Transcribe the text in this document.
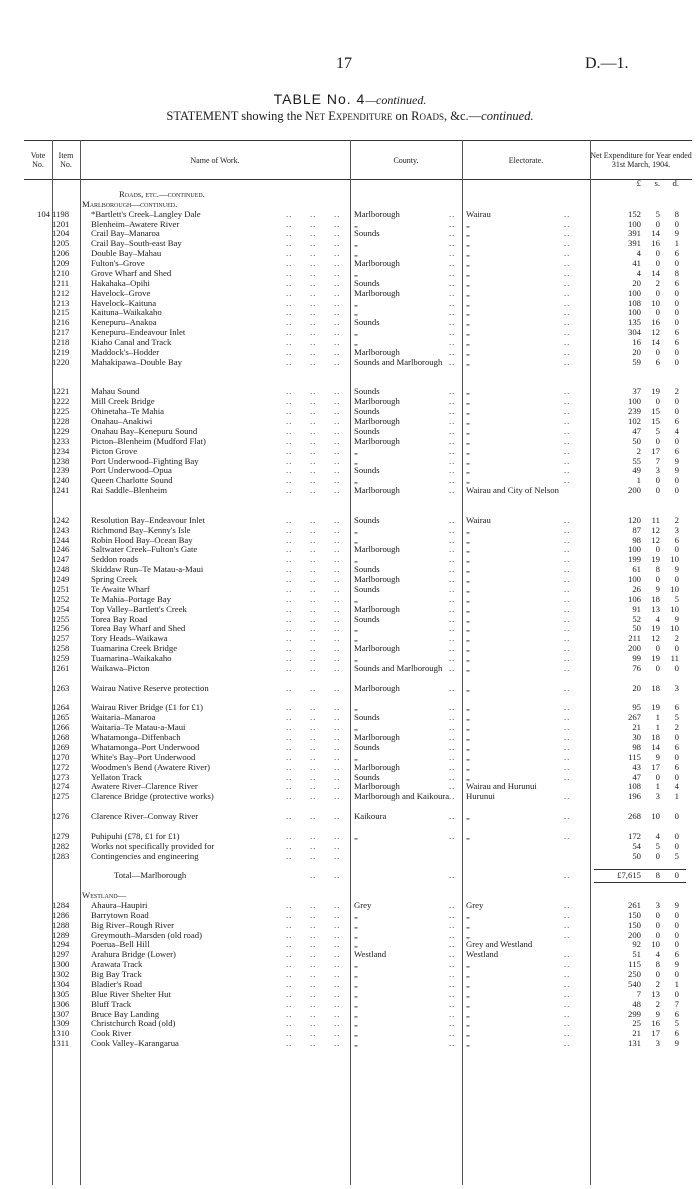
17	D.—1.
TABLE No. 4—continued.
STATEMENT showing the Net Expenditure on Roads, &c.—continued.
Vote No.
Item No.	Name of Work.	County.	Electorate.	Net Expenditure for Year ended 31st March, 1904.
£	s.	d.
Roads, etc.—continued.
Marlborough—continued.
104 1198	*Bartlett's Creek–Langley Dale	.. .. .. Marlborough	.. Wairau	..	152	5	8
1201	Blenheim–Awatere River	.. .. .. „	.. „	..	100	0	0
1204	Crail Bay–Manaroa	.. .. .. Sounds	.. „	..	391	14	9
1205	Crail Bay–South-east Bay	.. .. .. „	.. „	..	391	16	1
1206	Double Bay–Mahau	.. .. .. „	.. „	..	4	0	6
1209	Fulton's–Grove	.. .. .. Marlborough	.. „	..	41	0	0
1210	Grove Wharf and Shed	.. .. .. „	.. „	..	4	14	8
1211	Hakahaka–Opihi	.. .. .. Sounds	.. „	..	20	2	6
1212	Havelock–Grove	.. .. .. Marlborough	.. „	..	100	0	0
1213	Havelock–Kaituna	.. .. .. „	.. „	..	108	10	0
1215	Kaituna–Waikakaho	.. .. .. „	.. „	..	100	0	0
1216	Kenepuru–Anakoa	.. .. .. Sounds	.. „	..	135	16	0
1217	Kenepuru–Endeavour Inlet	.. .. .. „	.. „	..	304	12	6
1218	Kiaho Canal and Track	.. .. .. „	.. „	..	16	14	6
1219	Maddock's–Hodder	.. .. .. Marlborough	.. „	..	20	0	0
1220	Mahakipawa–Double Bay	.. .. .. Sounds and Marlborough .. „	..	59	6	0
1221	Mahau Sound	.. .. .. Sounds	.. „	..	37	19	2
1222	Mill Creek Bridge	.. .. .. Marlborough	.. „	..	100	0	0
1225	Ohinetaha–Te Mahia	.. .. .. Sounds	.. „	..	239	15	0
1228	Onahau–Anakiwi	.. .. .. Marlborough	.. „	..	102	15	6
1229	Onahau Bay–Kenepuru Sound	.. .. .. Sounds	.. „	..	47	5	4
1233	Picton–Blenheim (Mudford Flat)	.. .. .. Marlborough	.. „	..	50	0	0
1234	Picton Grove	.. .. .. „	.. „	..	2	17	6
1238	Port Underwood–Fighting Bay	.. .. .. „	.. „	..	55	7	9
1239	Port Underwood–Opua	.. .. .. Sounds	.. „	..	49	3	9
1240	Queen Charlotte Sound	.. .. .. „	.. „	..	1	0	0
1241	Rai Saddle–Blenheim	.. .. .. Marlborough	.. Wairau and City of Nelson	200	0	0
1242	Resolution Bay–Endeavour Inlet	.. .. .. Sounds	.. Wairau	..	120	11	2
1243	Richmond Bay–Kenny's Isle	.. .. .. „	.. „	..	87	12	3
1244	Robin Hood Bay–Ocean Bay	.. .. .. „	.. „	..	98	12	6
1246	Saltwater Creek–Fulton's Gate	.. .. .. Marlborough	.. „	..	100	0	0
1247	Seddon roads	.. .. .. „	.. „	..	199	19	10
1248	Skiddaw Run–Te Matau-a-Maui	.. .. .. Sounds	.. „	..	61	8	9
1249	Spring Creek	.. .. .. Marlborough	.. „	..	100	0	0
1251	Te Awaite Wharf	.. .. .. Sounds	.. „	..	26	9	10
1252	Te Mahia–Portage Bay	.. .. .. „	.. „	..	106	18	5
1254	Top Valley–Bartlett's Creek	.. .. .. Marlborough	.. „	..	91	13	10
1255	Torea Bay Road	.. .. .. Sounds	.. „	..	52	4	9
1256	Torea Bay Wharf and Shed	.. .. .. „	.. „	..	50	19	10
1257	Tory Heads–Waikawa	.. .. .. „	.. „	..	211	12	2
1258	Tuamarina Creek Bridge	.. .. .. Marlborough	.. „	..	200	0	0
1259	Tuamarina–Waikakaho	.. .. .. „	.. „	..	99	19	11
1261	Waikawa–Picton	.. .. .. Sounds and Marlborough .. „	..	76	0	0
1263	Wairau Native Reserve protection	.. .. .. Marlborough	.. „	..	20	18	3
1264	Wairau River Bridge (£1 for £1)	.. .. .. „	.. „	..	95	19	6
1265	Waitaria–Manaroa	.. .. .. Sounds	.. „	..	267	1	5
1266	Waitaria–Te Matau-a-Maui	.. .. .. „	.. „	..	21	1	2
1268	Whatamonga–Diffenbach	.. .. .. Marlborough	.. „	..	30	18	0
1269	Whatamonga–Port Underwood	.. .. .. Sounds	.. „	..	98	14	6
1270	White's Bay–Port Underwood	.. .. .. „	.. „	..	115	9	0
1272	Woodmen's Bend (Awatere River)	.. .. .. Marlborough	.. „	..	43	17	6
1273	Yellaton Track	.. .. .. Sounds	.. „	..	47	0	0
1274	Awatere River–Clarence River	.. .. .. Marlborough	.. Wairau and Hurunui	108	1	4
1275	Clarence Bridge (protective works)	.. .. .. Marlborough and Kaikoura .. Hurunui	..	196	3	1
1276	Clarence River–Conway River	.. .. .. Kaikoura	.. „	..	268	10	0
1279	Puhipuhi (£78, £1 for £1)	.. .. .. „	.. „	..	172	4	0
1282	Works not specifically provided for	.. .. ..	54	5	0
1283	Contingencies and engineering	.. .. ..	50	0	5
Total—Marlborough	.. ..	..	..	£7,615	8	0
Westland—
1284	Ahaura–Haupiri	.. .. .. Grey	.. Grey	..	261	3	9
1286	Barrytown Road	.. .. .. „	.. „	..	150	0	0
1288	Big River–Rough River	.. .. .. „	.. „	..	150	0	0
1289	Greymouth–Marsden (old road)	.. .. .. „	.. „	..	200	0	0
1294	Poerua–Bell Hill	.. .. .. „	.. Grey and Westland	92	10	0
1297	Arahura Bridge (Lower)	.. .. .. Westland	.. Westland	..	51	4	6
1300	Arawata Track	.. .. .. „	.. „	..	115	8	9
1302	Big Bay Track	.. .. .. „	.. „	..	250	0	0
1304	Bladier's Road	.. .. .. „	.. „	..	540	2	1
1305	Blue River Shelter Hut	.. .. .. „	.. „	..	7	13	0
1306	Bluff Track	.. .. .. „	.. „	..	48	2	7
1307	Bruce Bay Landing	.. .. .. „	.. „	..	299	9	6
1309	Christchurch Road (old)	.. .. .. „	.. „	..	25	16	5
1310	Cook River	.. .. .. „	.. „	..	21	17	6
1311	Cook Valley–Karangarua	.. .. .. „	.. „	..	131	3	9
